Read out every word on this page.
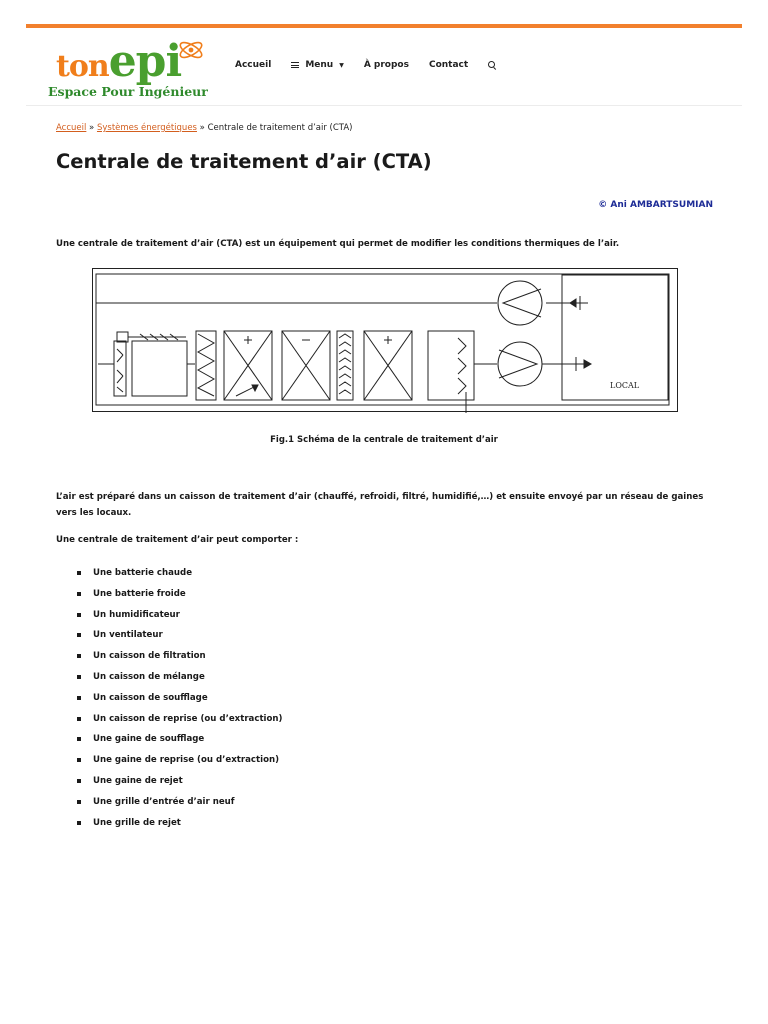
tonepi
Espace Pour Ingénieur
Accueil	Menu ▼ À propos Contact
Accueil » Systèmes énergétiques » Centrale de traitement d’air (CTA)
Centrale de traitement d’air (CTA)
© Ani AMBARTSUMIAN

Une centrale de traitement d’air (CTA) est un équipement qui permet de modifier les conditions thermiques de l’air.

LOCAL
Fig.1 Schéma de la centrale de traitement d’air

L’air est préparé dans un caisson de traitement d’air (chauffé, refroidi, filtré, humidifié,…) et ensuite envoyé par un réseau de gaines vers les locaux.

Une centrale de traitement d’air peut comporter :

Une batterie chaude
Une batterie froide
Un humidificateur
Un ventilateur
Un caisson de filtration
Un caisson de mélange
Un caisson de soufflage
Un caisson de reprise (ou d’extraction)
Une gaine de soufflage
Une gaine de reprise (ou d’extraction)
Une gaine de rejet
Une grille d’entrée d’air neuf
Une grille de rejet
